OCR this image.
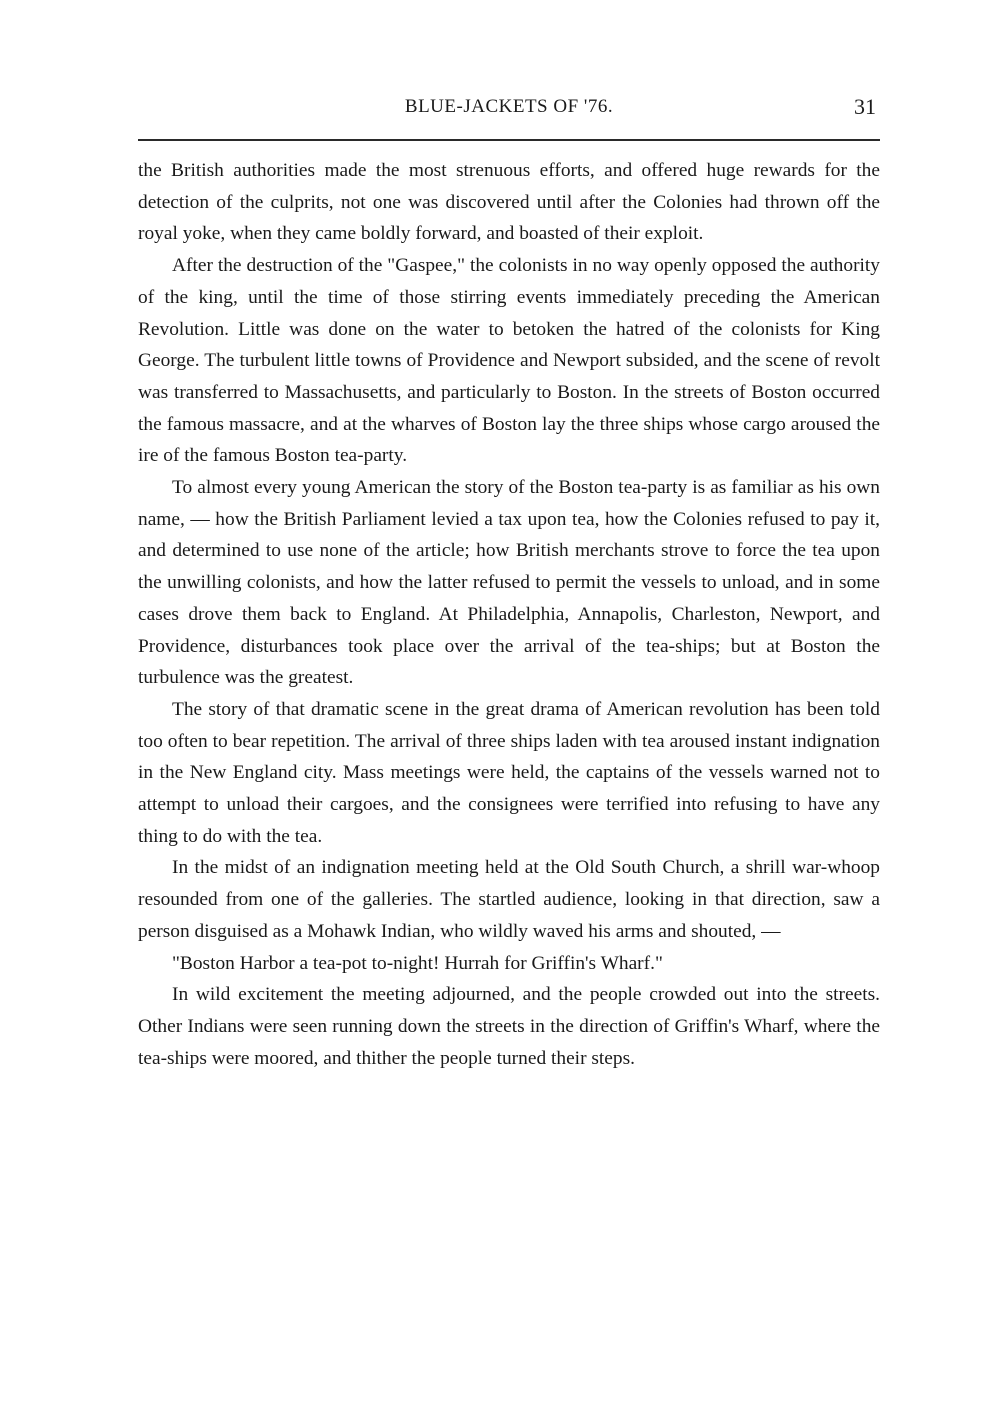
BLUE-JACKETS OF '76.	31

the British authorities made the most strenuous efforts, and offered huge rewards for the detection of the culprits, not one was discovered until after the Colonies had thrown off the royal yoke, when they came boldly forward, and boasted of their exploit.

After the destruction of the "Gaspee," the colonists in no way openly opposed the authority of the king, until the time of those stirring events immediately preceding the American Revolution. Little was done on the water to betoken the hatred of the colonists for King George. The turbulent little towns of Providence and Newport subsided, and the scene of revolt was transferred to Massachusetts, and particularly to Boston. In the streets of Boston occurred the famous massacre, and at the wharves of Boston lay the three ships whose cargo aroused the ire of the famous Boston tea-party.

To almost every young American the story of the Boston tea-party is as familiar as his own name, — how the British Parliament levied a tax upon tea, how the Colonies refused to pay it, and determined to use none of the article; how British merchants strove to force the tea upon the unwilling colonists, and how the latter refused to permit the vessels to unload, and in some cases drove them back to England. At Philadelphia, Annapolis, Charleston, Newport, and Providence, disturbances took place over the arrival of the tea-ships; but at Boston the turbulence was the greatest.

The story of that dramatic scene in the great drama of American revolution has been told too often to bear repetition. The arrival of three ships laden with tea aroused instant indignation in the New England city. Mass meetings were held, the captains of the vessels warned not to attempt to unload their cargoes, and the consignees were terrified into refusing to have any thing to do with the tea.

In the midst of an indignation meeting held at the Old South Church, a shrill war-whoop resounded from one of the galleries. The startled audience, looking in that direction, saw a person disguised as a Mohawk Indian, who wildly waved his arms and shouted, —

"Boston Harbor a tea-pot to-night! Hurrah for Griffin's Wharf."

In wild excitement the meeting adjourned, and the people crowded out into the streets. Other Indians were seen running down the streets in the direction of Griffin's Wharf, where the tea-ships were moored, and thither the people turned their steps.
